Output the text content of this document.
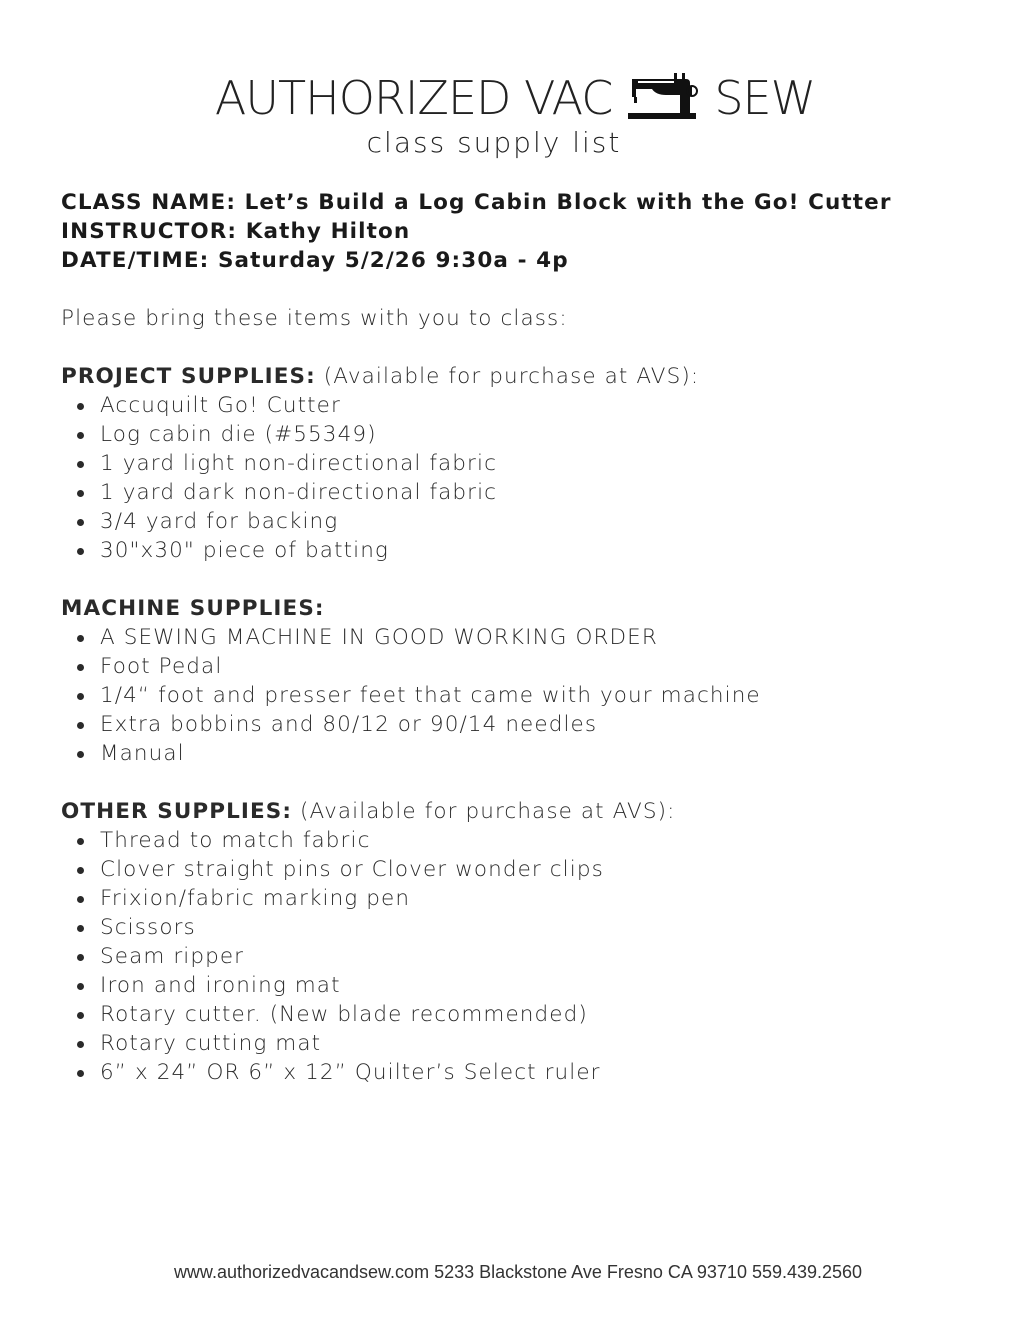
AUTHORIZED VAC SEW
class supply list
CLASS NAME: Let’s Build a Log Cabin Block with the Go! Cutter
INSTRUCTOR: Kathy Hilton
DATE/TIME: Saturday 5/2/26 9:30a - 4p
Please bring these items with you to class:
PROJECT SUPPLIES: (Available for purchase at AVS):
Accuquilt Go! Cutter
Log cabin die (#55349)
1 yard light non-directional fabric
1 yard dark non-directional fabric
3/4 yard for backing
30"x30" piece of batting
MACHINE SUPPLIES:
A SEWING MACHINE IN GOOD WORKING ORDER
Foot Pedal
1/4“ foot and presser feet that came with your machine
Extra bobbins and 80/12 or 90/14 needles
Manual
OTHER SUPPLIES: (Available for purchase at AVS):
Thread to match fabric
Clover straight pins or Clover wonder clips
Frixion/fabric marking pen
Scissors
Seam ripper
Iron and ironing mat
Rotary cutter. (New blade recommended)
Rotary cutting mat
6” x 24” OR 6” x 12” Quilter’s Select ruler
www.authorizedvacandsew.com 5233 Blackstone Ave Fresno CA 93710 559.439.2560
